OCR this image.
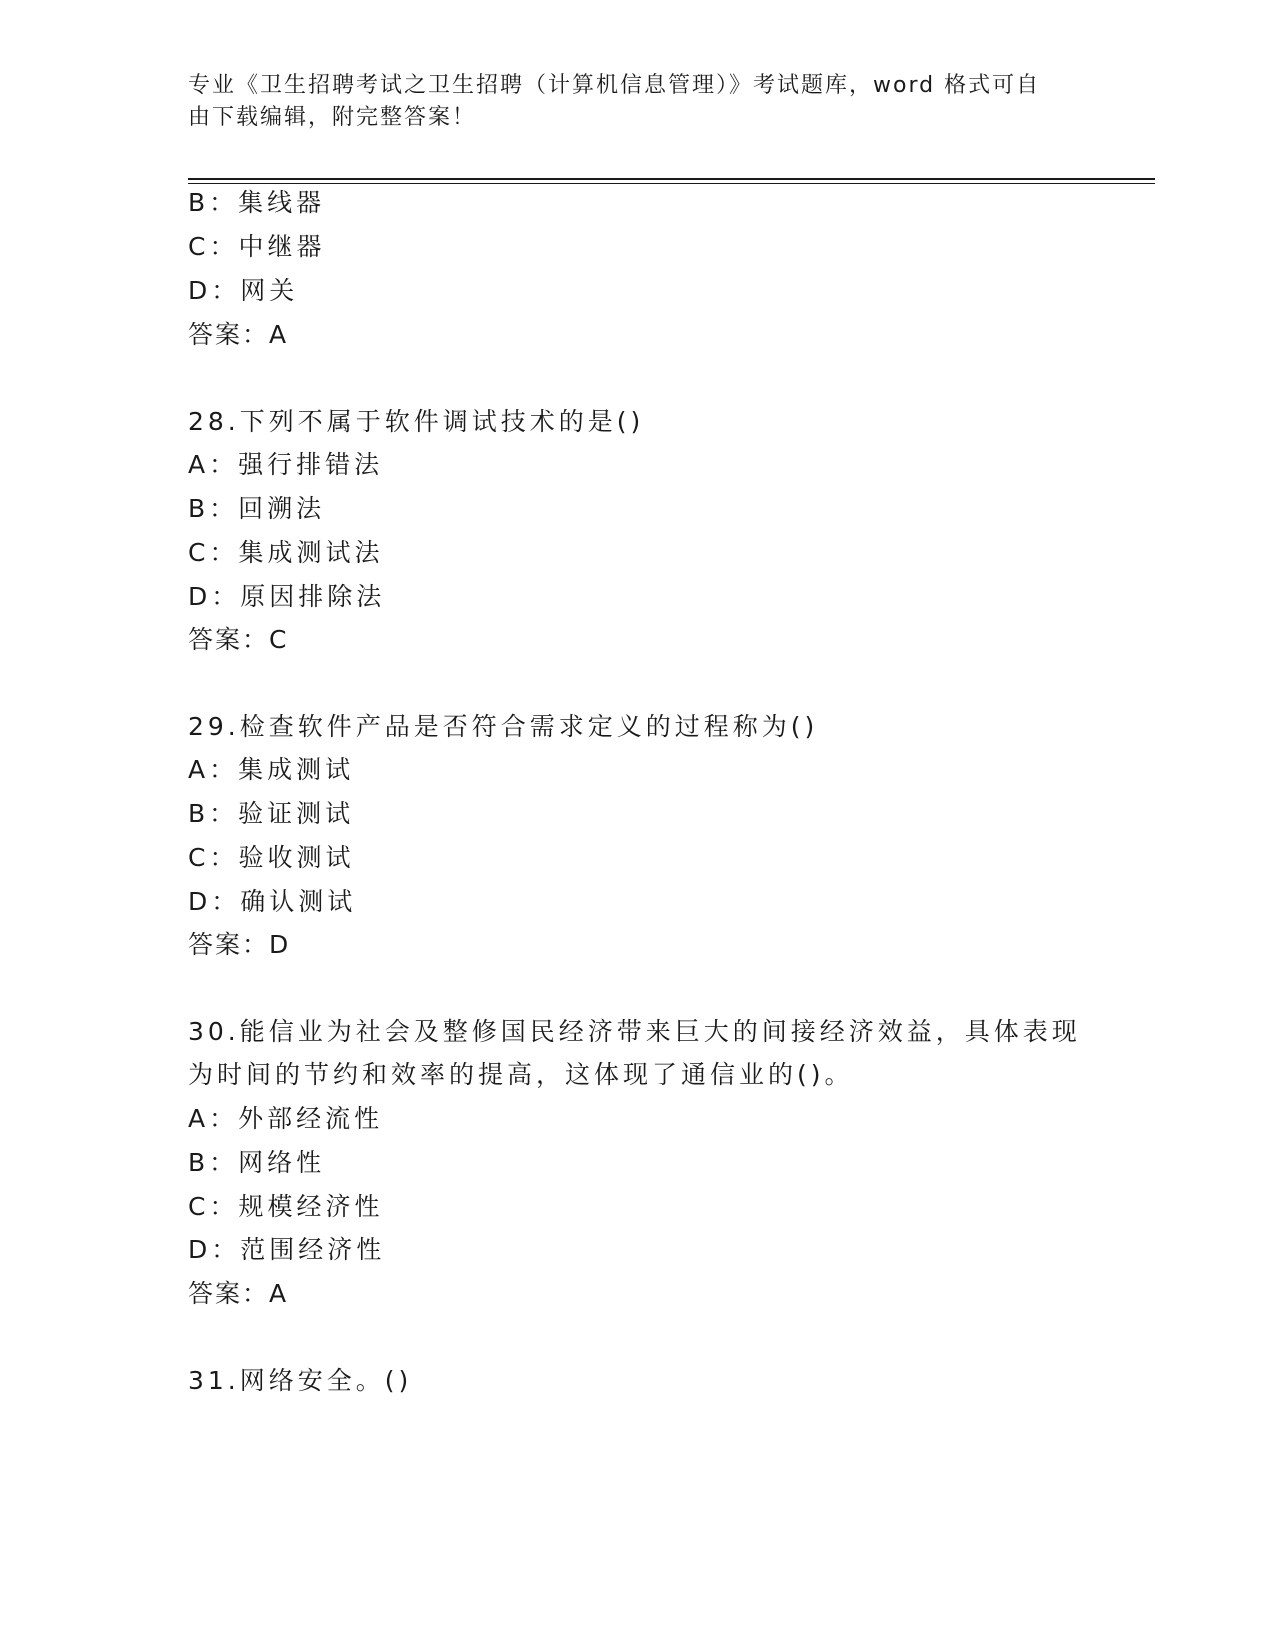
专业《卫生招聘考试之卫生招聘（计算机信息管理）》考试题库，word 格式可自
由下载编辑，附完整答案！
B：集线器
C：中继器
D：网关
答案：A
28.下列不属于软件调试技术的是()
A：强行排错法
B：回溯法
C：集成测试法
D：原因排除法
答案：C
29.检查软件产品是否符合需求定义的过程称为()
A：集成测试
B：验证测试
C：验收测试
D：确认测试
答案：D
30.能信业为社会及整修国民经济带来巨大的间接经济效益，具体表现
为时间的节约和效率的提高，这体现了通信业的()。
A：外部经流性
B：网络性
C：规模经济性
D：范围经济性
答案：A
31.网络安全。()
